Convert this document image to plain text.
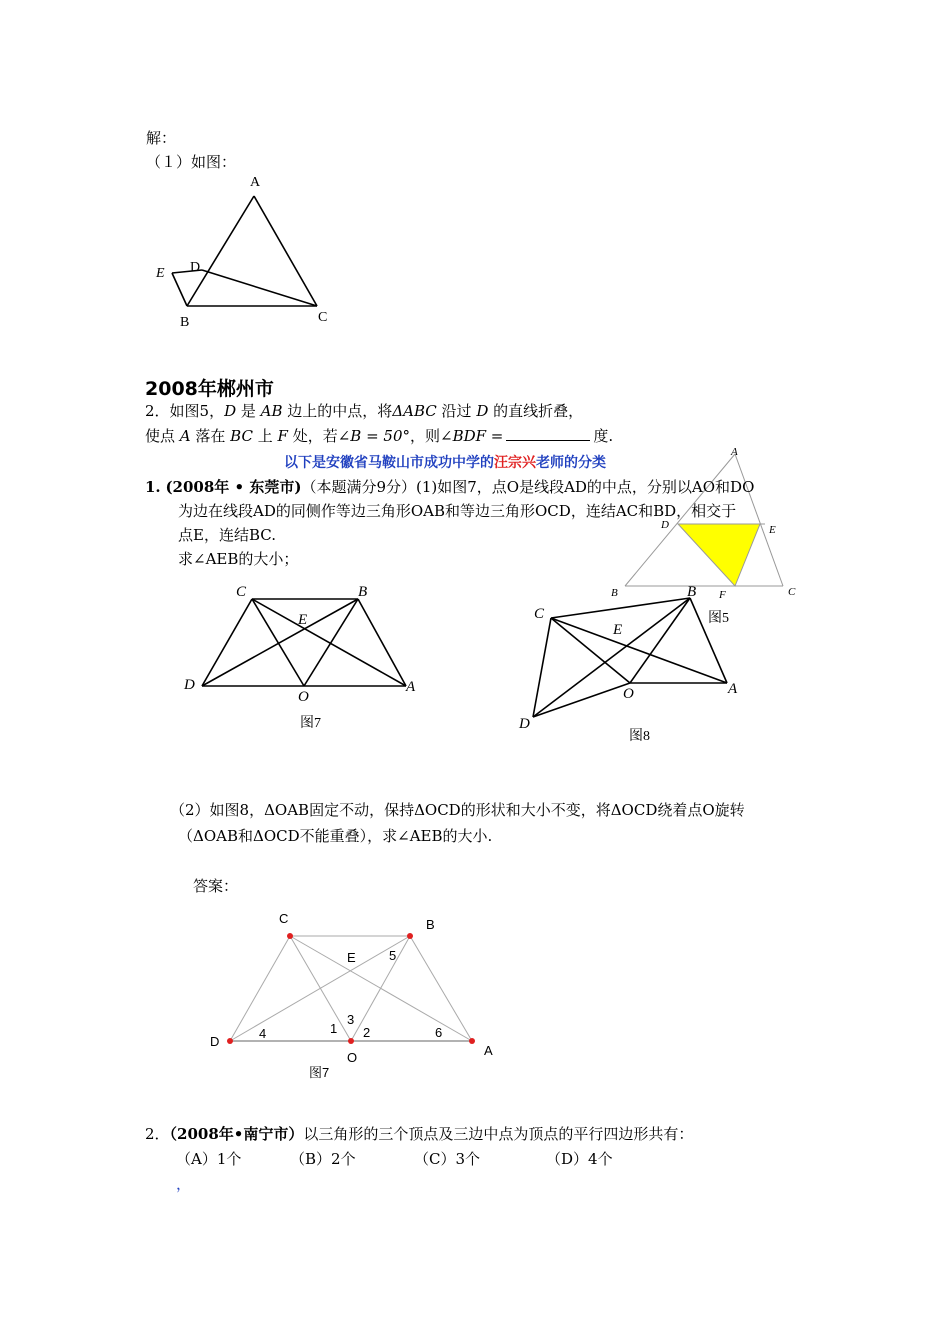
解：
（１）如图：
A
D
E
B	C
2008年郴州市
2．如图5，D 是 AB 边上的中点，将ΔABC 沿过 D 的直线折叠，
使点 A 落在 BC 上 F 处，若∠B = 50°，则∠BDF =	度.
以下是安徽省马鞍山市成功中学的汪宗兴老师的分类
A
D	E
B	F	C
图5
1. (2008年 • 东莞市)（本题满分9分）(1)如图7，点O是线段AD的中点，分别以AO和DO
为边在线段AD的同侧作等边三角形OAB和等边三角形OCD，连结AC和BD，相交于
点E，连结BC.
求∠AEB的大小；
C	B
E
D
O
A
图7
C
B
E
D
O	A
图8
（2）如图8，ΔOAB固定不动，保持ΔOCD的形状和大小不变，将ΔOCD绕着点O旋转
（ΔOAB和ΔOCD不能重叠），求∠AEB的大小.
答案：
C	B
E
D
O	A
1 2
3
4
5
6
图7
2．（2008年•南宁市）以三角形的三个顶点及三边中点为顶点的平行四边形共有：
（A）1个	（B）2个	（C）3个	（D）4个
，
